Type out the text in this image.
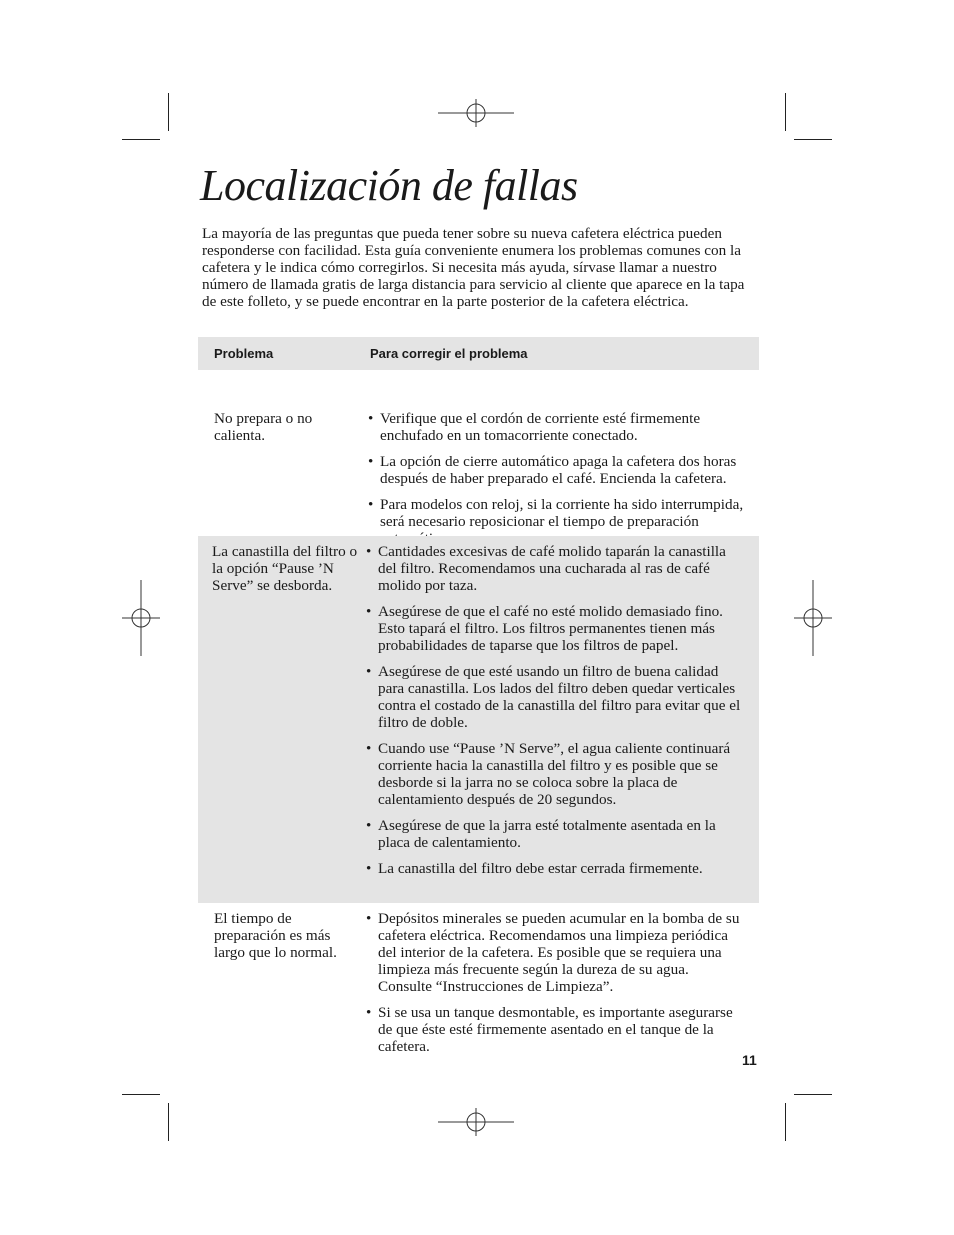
Localización de fallas

La mayoría de las preguntas que pueda tener sobre su nueva cafetera eléctrica pueden responderse con facilidad. Esta guía conveniente enumera los problemas comunes con la cafetera y le indica cómo corregirlos. Si necesita más ayuda, sírvase llamar a nuestro número de llamada gratis de larga distancia para servicio al cliente que aparece en la tapa de este folleto, y se puede encontrar en la parte posterior de la cafetera eléctrica.

Problema	Para corregir el problema
No prepara o no calienta.
• Verifique que el cordón de corriente esté firmemente enchufado en un tomacorriente conectado.
• La opción de cierre automático apaga la cafetera dos horas después de haber preparado el café. Encienda la cafetera.
• Para modelos con reloj, si la corriente ha sido interrumpida, será necesario reposicionar el tiempo de preparación
La canastilla del filtro o la opción “Pause ’N Serve” se desborda.
• Cantidades excesivas de café molido taparán la canastilla del filtro. Recomendamos una cucharada al ras de café molido por taza.
• Asegúrese de que el café no esté molido demasiado fino. Esto tapará el filtro. Los filtros permanentes tienen más probabilidades de taparse que los filtros de papel.
• Asegúrese de que esté usando un filtro de buena calidad para canastilla. Los lados del filtro deben quedar verticales contra el costado de la canastilla del filtro para evitar que el filtro de doble.
• Cuando use “Pause ’N Serve”, el agua caliente continuará corriente hacia la canastilla del filtro y es posible que se desborde si la jarra no se coloca sobre la placa de calentamiento después de 20 segundos.
• Asegúrese de que la jarra esté totalmente asentada en la placa de calentamiento.
• La canastilla del filtro debe estar cerrada firmemente.
El tiempo de preparación es más largo que lo normal.
• Depósitos minerales se pueden acumular en la bomba de su cafetera eléctrica. Recomendamos una limpieza periódica del interior de la cafetera. Es posible que se requiera una limpieza más frecuente según la dureza de su agua. Consulte “Instrucciones de Limpieza”.
• Si se usa un tanque desmontable, es importante asegurarse de que éste esté firmemente asentado en el tanque de la cafetera.
11
